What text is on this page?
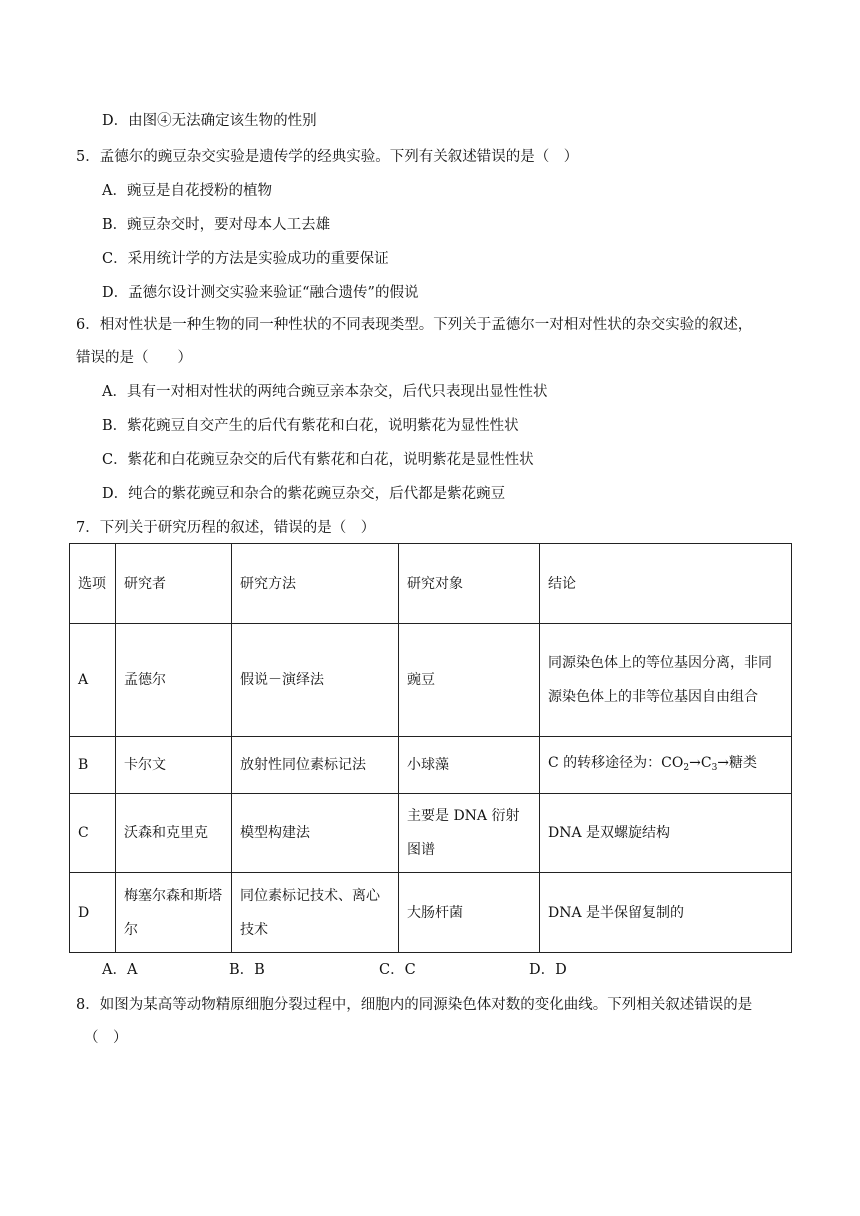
D．由图④无法确定该生物的性别
5．孟德尔的豌豆杂交实验是遗传学的经典实验。下列有关叙述错误的是（　）
A．豌豆是自花授粉的植物
B．豌豆杂交时，要对母本人工去雄
C．采用统计学的方法是实验成功的重要保证
D．孟德尔设计测交实验来验证“融合遗传”的假说
6．相对性状是一种生物的同一种性状的不同表现类型。下列关于孟德尔一对相对性状的杂交实验的叙述，
错误的是（　　）
A．具有一对相对性状的两纯合豌豆亲本杂交，后代只表现出显性性状
B．紫花豌豆自交产生的后代有紫花和白花，说明紫花为显性性状
C．紫花和白花豌豆杂交的后代有紫花和白花，说明紫花是显性性状
D．纯合的紫花豌豆和杂合的紫花豌豆杂交，后代都是紫花豌豆
7．下列关于研究历程的叙述，错误的是（　）
选项	研究者	研究方法	研究对象	结论
A	孟德尔	假说－演绎法	豌豆	同源染色体上的等位基因分离，非同源染色体上的非等位基因自由组合
B	卡尔文	放射性同位素标记法	小球藻	C 的转移途径为：$CO_2\to C_3\to$糖类
C	沃森和克里克	模型构建法	主要是 DNA 衍射图谱	DNA 是双螺旋结构
D	梅塞尔森和斯塔尔	同位素标记技术、离心技术	大肠杆菌	DNA 是半保留复制的
A．A	B．B	C．C	D．D
8．如图为某高等动物精原细胞分裂过程中，细胞内的同源染色体对数的变化曲线。下列相关叙述错误的是
（　）
